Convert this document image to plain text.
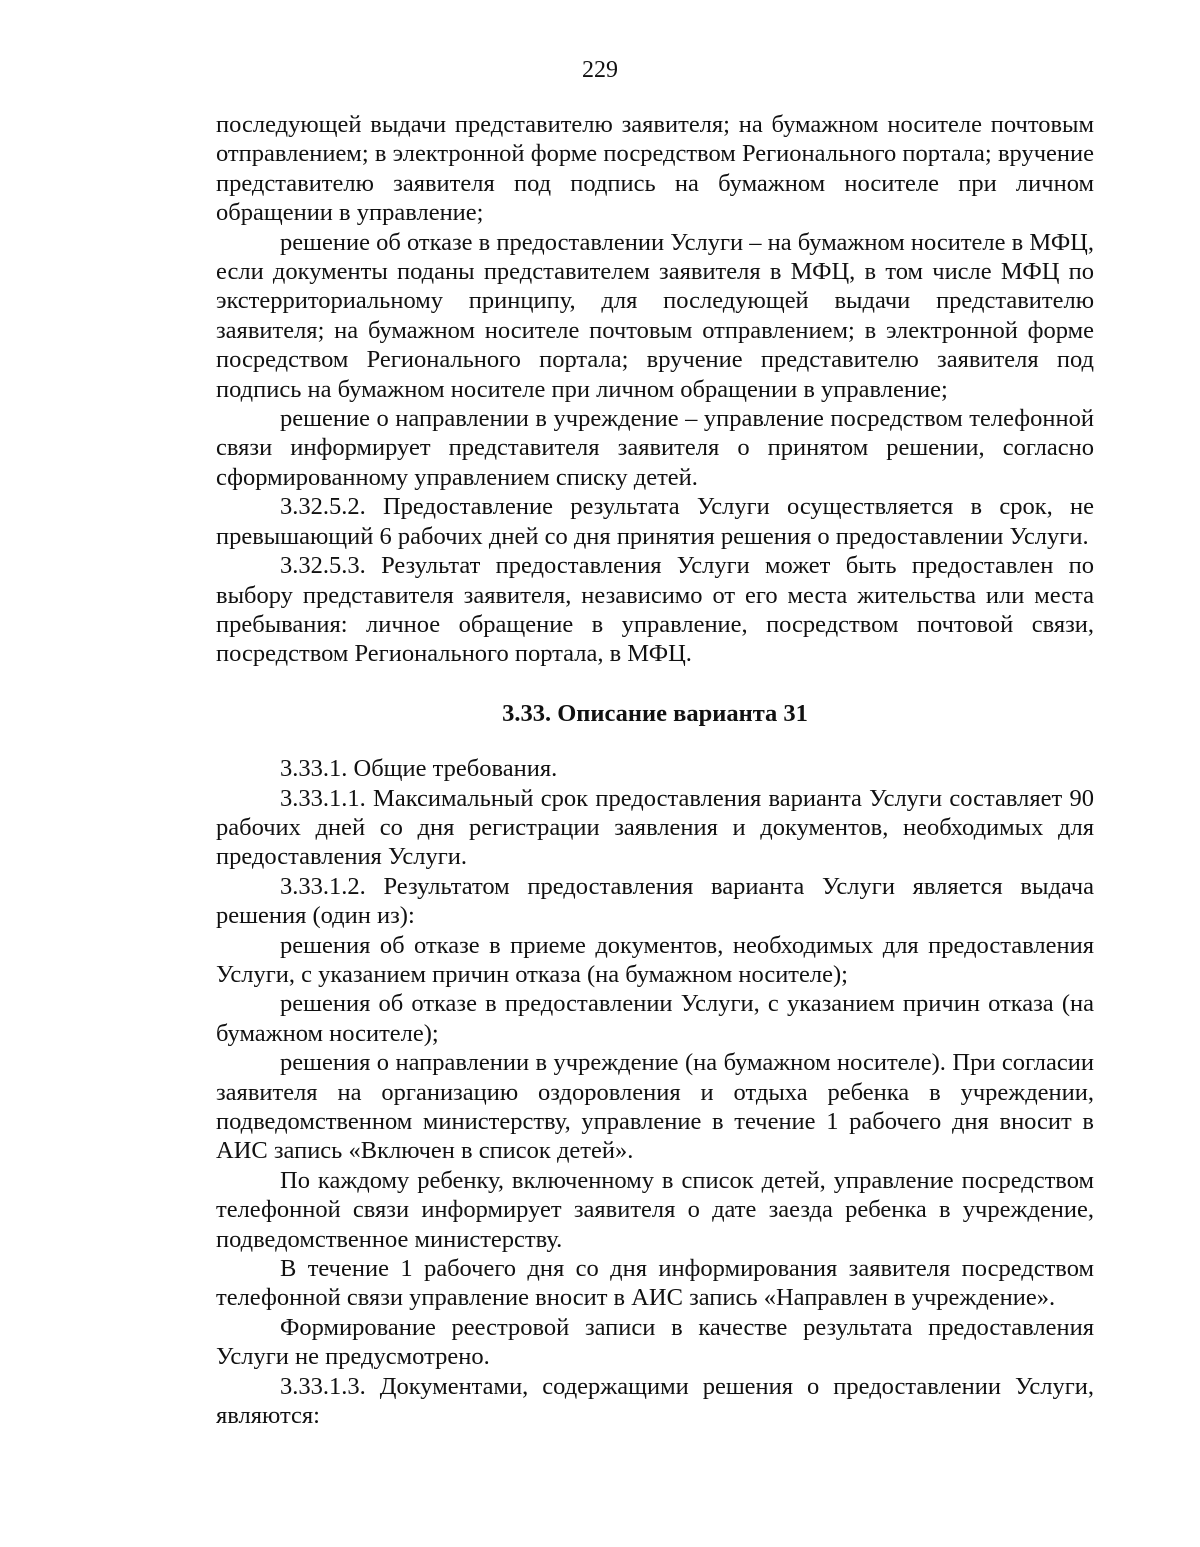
229

последующей выдачи представителю заявителя; на бумажном носителе почтовым отправлением; в электронной форме посредством Регионального портала; вручение представителю заявителя под подпись на бумажном носителе при личном обращении в управление;

решение об отказе в предоставлении Услуги – на бумажном носителе в МФЦ, если документы поданы представителем заявителя в МФЦ, в том числе МФЦ по экстерриториальному принципу, для последующей выдачи представителю заявителя; на бумажном носителе почтовым отправлением; в электронной форме посредством Регионального портала; вручение представителю заявителя под подпись на бумажном носителе при личном обращении в управление;

решение о направлении в учреждение – управление посредством телефонной связи информирует представителя заявителя о принятом решении, согласно сформированному управлением списку детей.

3.32.5.2. Предоставление результата Услуги осуществляется в срок, не превышающий 6 рабочих дней со дня принятия решения о предоставлении Услуги.

3.32.5.3. Результат предоставления Услуги может быть предоставлен по выбору представителя заявителя, независимо от его места жительства или места пребывания: личное обращение в управление, посредством почтовой связи, посредством Регионального портала, в МФЦ.

3.33. Описание варианта 31

3.33.1. Общие требования.

3.33.1.1. Максимальный срок предоставления варианта Услуги составляет 90 рабочих дней со дня регистрации заявления и документов, необходимых для предоставления Услуги.

3.33.1.2. Результатом предоставления варианта Услуги является выдача решения (один из):

решения об отказе в приеме документов, необходимых для предоставления Услуги, с указанием причин отказа (на бумажном носителе);

решения об отказе в предоставлении Услуги, с указанием причин отказа (на бумажном носителе);

решения о направлении в учреждение (на бумажном носителе). При согласии заявителя на организацию оздоровления и отдыха ребенка в учреждении, подведомственном министерству, управление в течение 1 рабочего дня вносит в АИС запись «Включен в список детей».

По каждому ребенку, включенному в список детей, управление посредством телефонной связи информирует заявителя о дате заезда ребенка в учреждение, подведомственное министерству.

В течение 1 рабочего дня со дня информирования заявителя посредством телефонной связи управление вносит в АИС запись «Направлен в учреждение».

Формирование реестровой записи в качестве результата предоставления Услуги не предусмотрено.

3.33.1.3. Документами, содержащими решения о предоставлении Услуги, являются:
